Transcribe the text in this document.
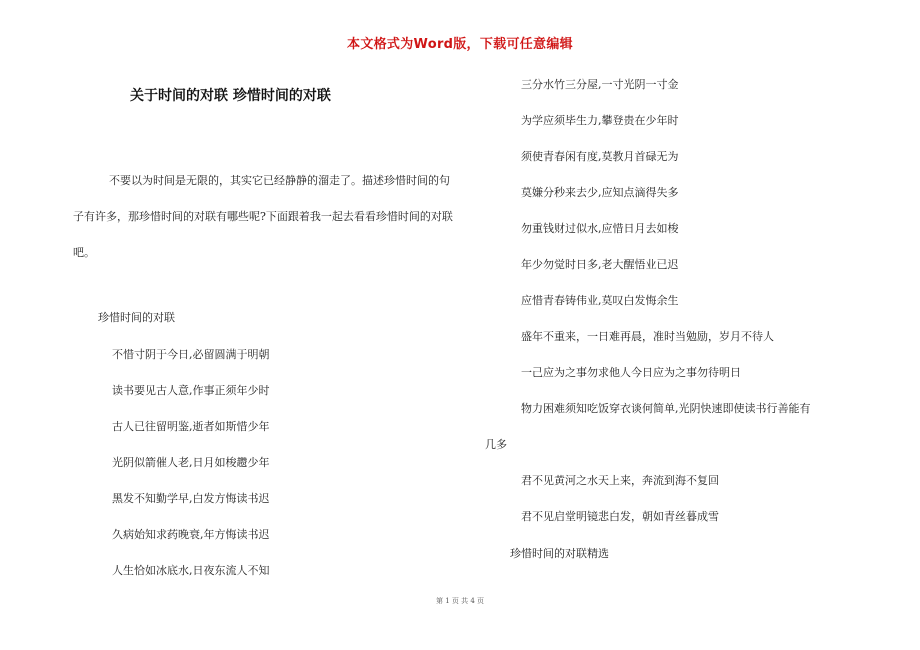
本文格式为Word版，下载可任意编辑
关于时间的对联 珍惜时间的对联
不要以为时间是无限的，其实它已经静静的溜走了。描述珍惜时间的句子有许多，那珍惜时间的对联有哪些呢?下面跟着我一起去看看珍惜时间的对联吧。
珍惜时间的对联
不惜寸阴于今日,必留圆满于明朝
读书要见古人意,作事正须年少时
古人已往留明鉴,逝者如斯惜少年
光阴似箭催人老,日月如梭趱少年
黑发不知勤学早,白发方悔读书迟
久病始知求药晚衰,年方悔读书迟
人生恰如冰底水,日夜东流人不知
三分水竹三分屋,一寸光阴一寸金
为学应须毕生力,攀登贵在少年时
须使青春闲有度,莫教月首碌无为
莫嫌分秒来去少,应知点滴得失多
勿重钱财过似水,应惜日月去如梭
年少勿觉时日多,老大醒悟业已迟
应惜青春铸伟业,莫叹白发悔余生
盛年不重来，一日难再晨，准时当勉励，岁月不待人
一己应为之事勿求他人今日应为之事勿待明日
物力困难须知吃饭穿衣谈何简单,光阴快速即使读书行善能有
几多
君不见黄河之水天上来，奔流到海不复回
君不见启堂明镜悲白发，朝如青丝暮成雪
珍惜时间的对联精选
第 1 页 共 4 页
